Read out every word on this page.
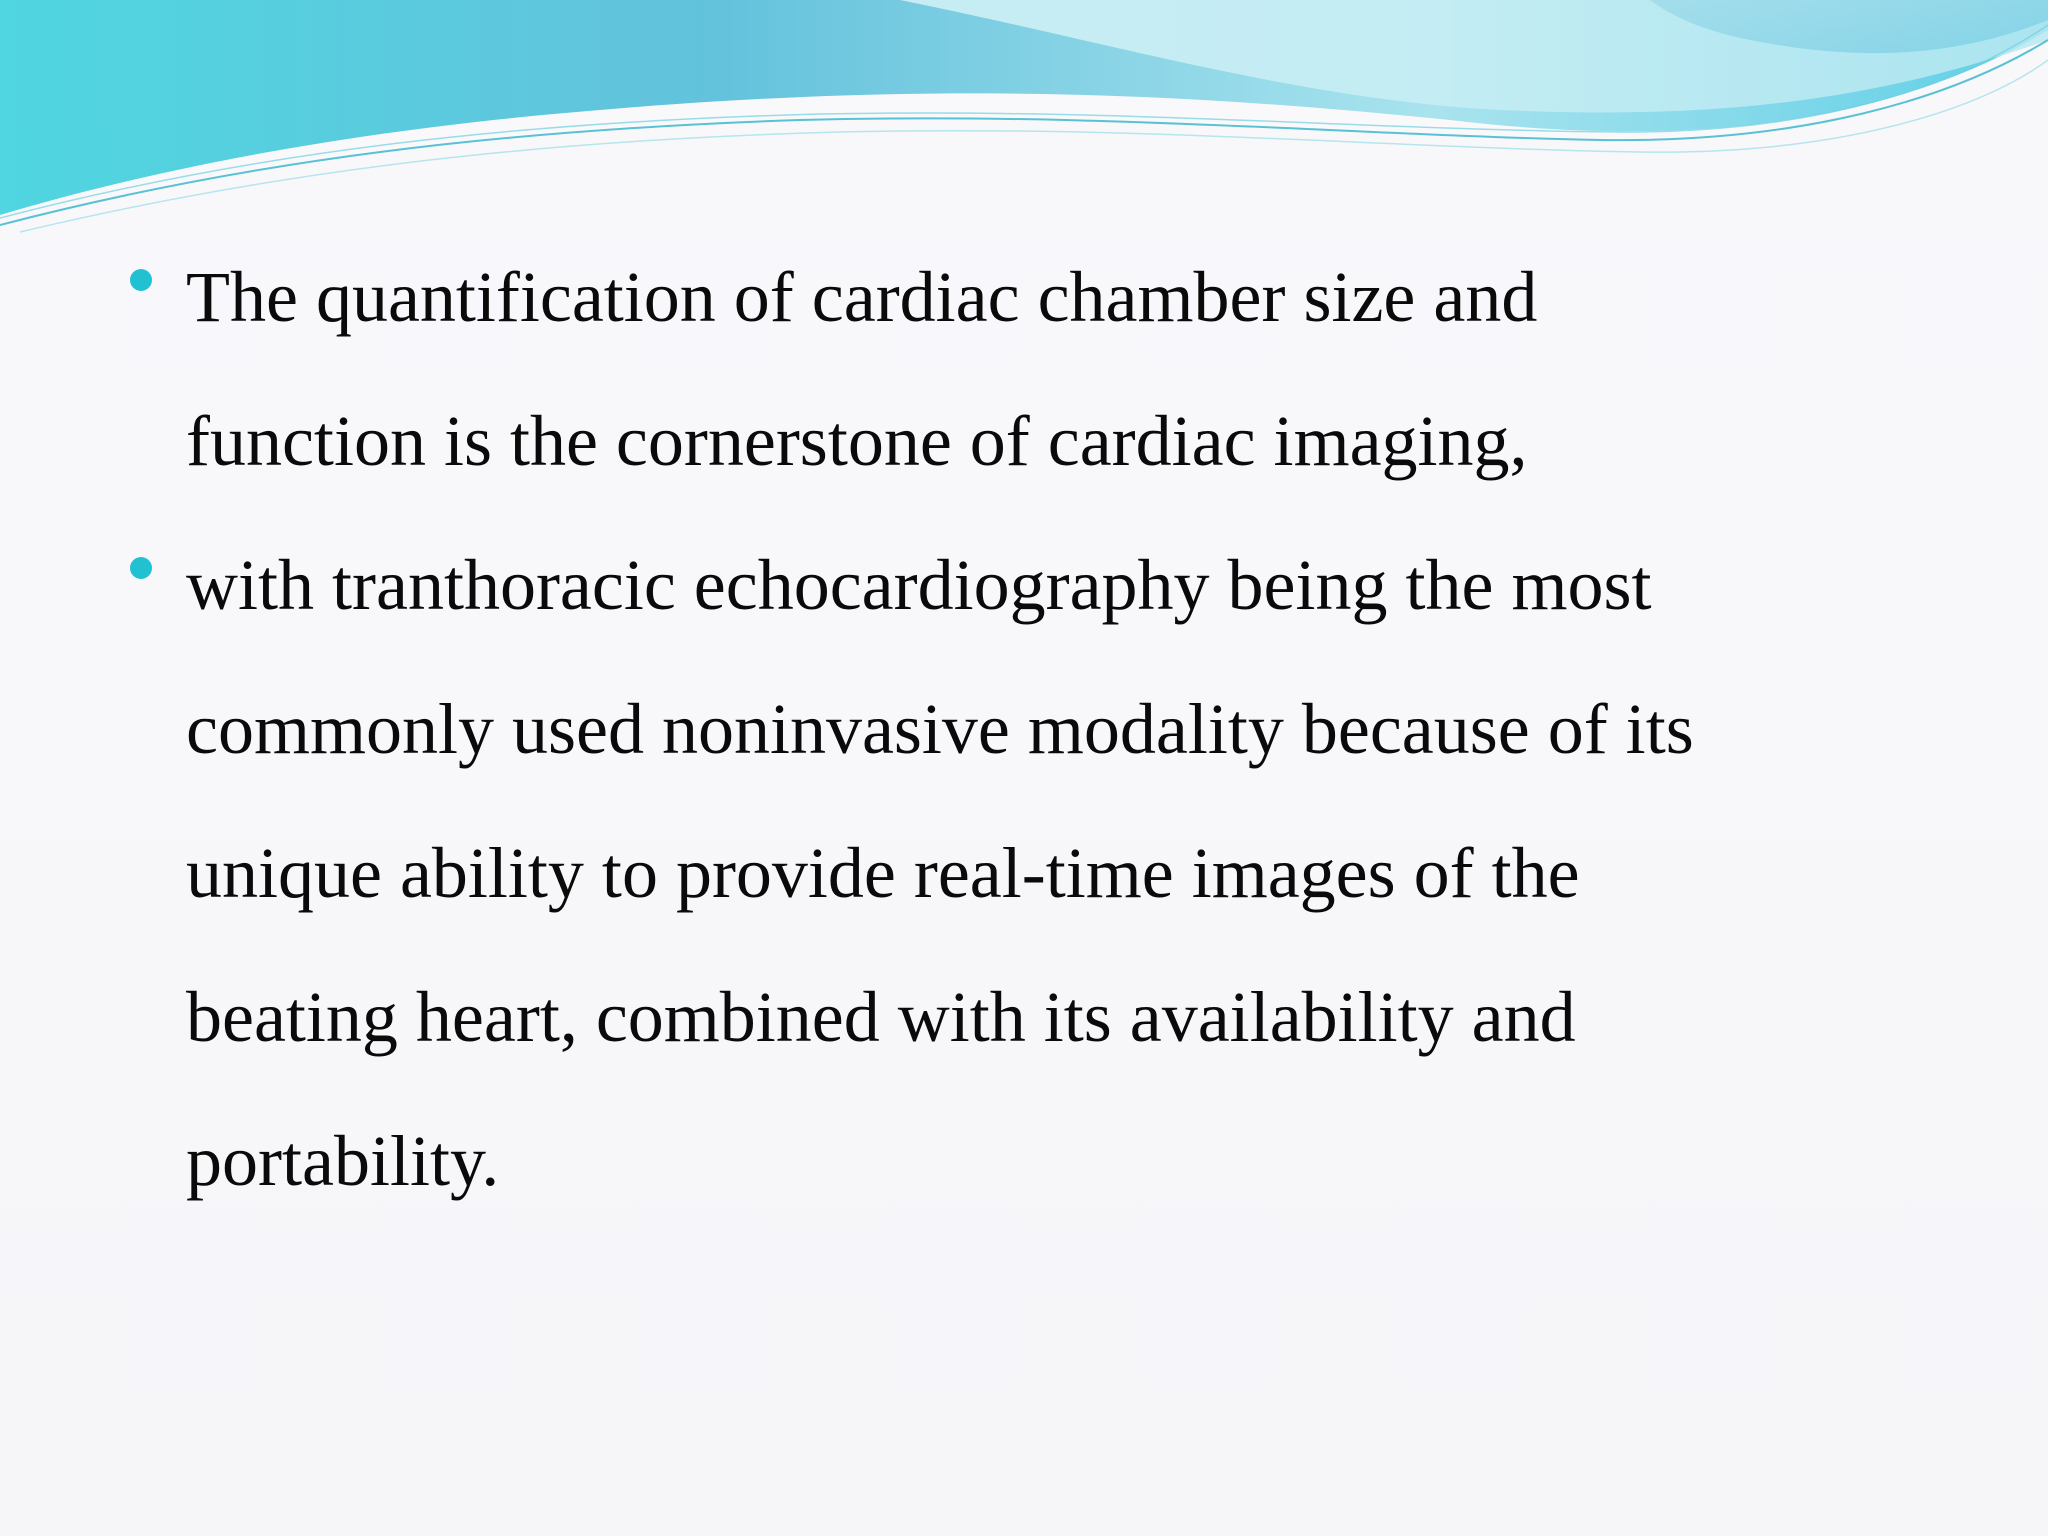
The quantification of cardiac chamber size and
function is the cornerstone of cardiac imaging,
with tranthoracic echocardiography being the most
commonly used noninvasive modality because of its
unique ability to provide real-time images of the
beating heart, combined with its availability and
portability.
